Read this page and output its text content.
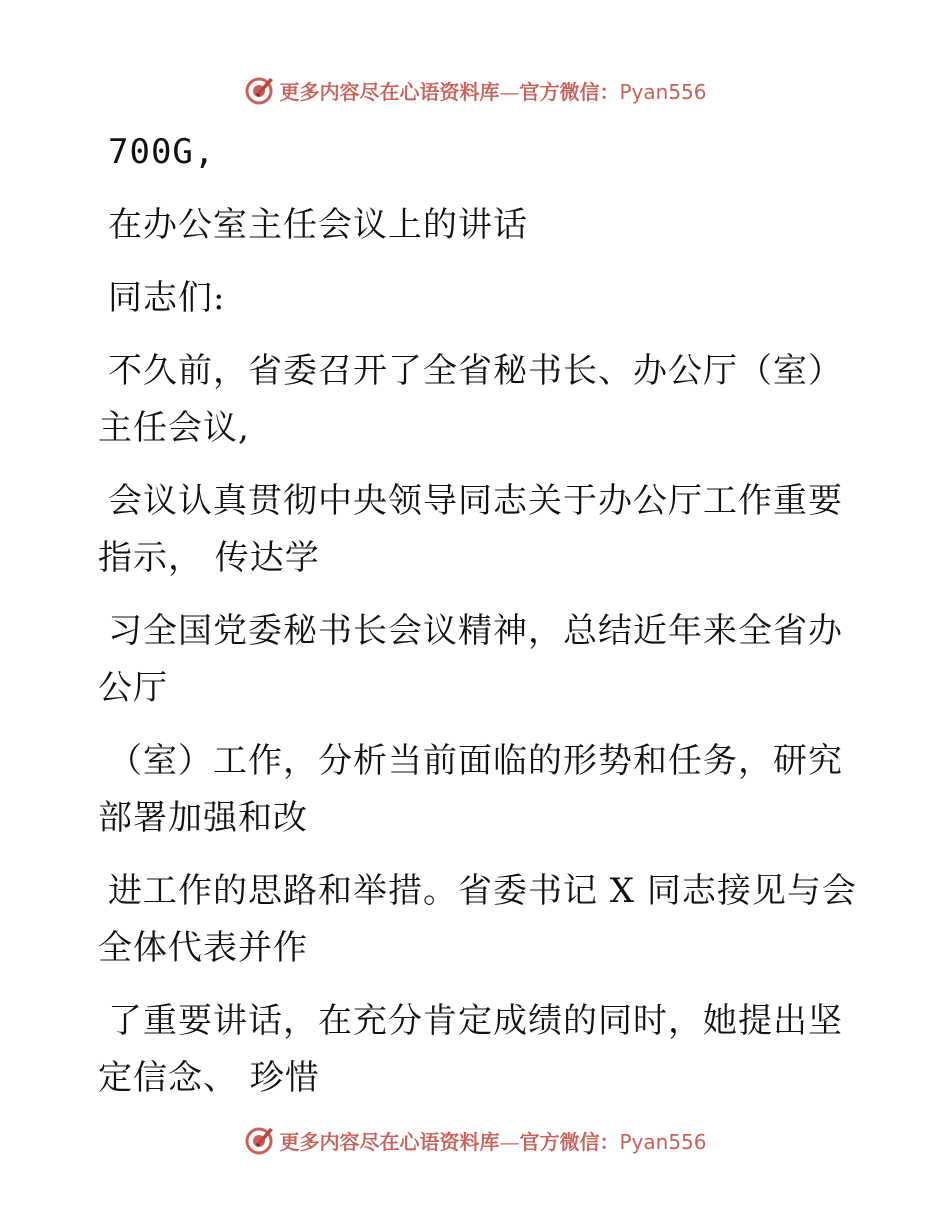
更多内容尽在心语资料库—官方微信：Pyan556

700G,

在办公室主任会议上的讲话

同志们:

不久前，省委召开了全省秘书长、办公厅（室）主任会议,

会议认真贯彻中央领导同志关于办公厅工作重要指示， 传达学

习全国党委秘书长会议精神，总结近年来全省办公厅

（室）工作，分析当前面临的形势和任务，研究部署加强和改

进工作的思路和举措。省委书记 X 同志接见与会全体代表并作

了重要讲话，在充分肯定成绩的同时，她提出坚定信念、 珍惜

更多内容尽在心语资料库—官方微信：Pyan556
